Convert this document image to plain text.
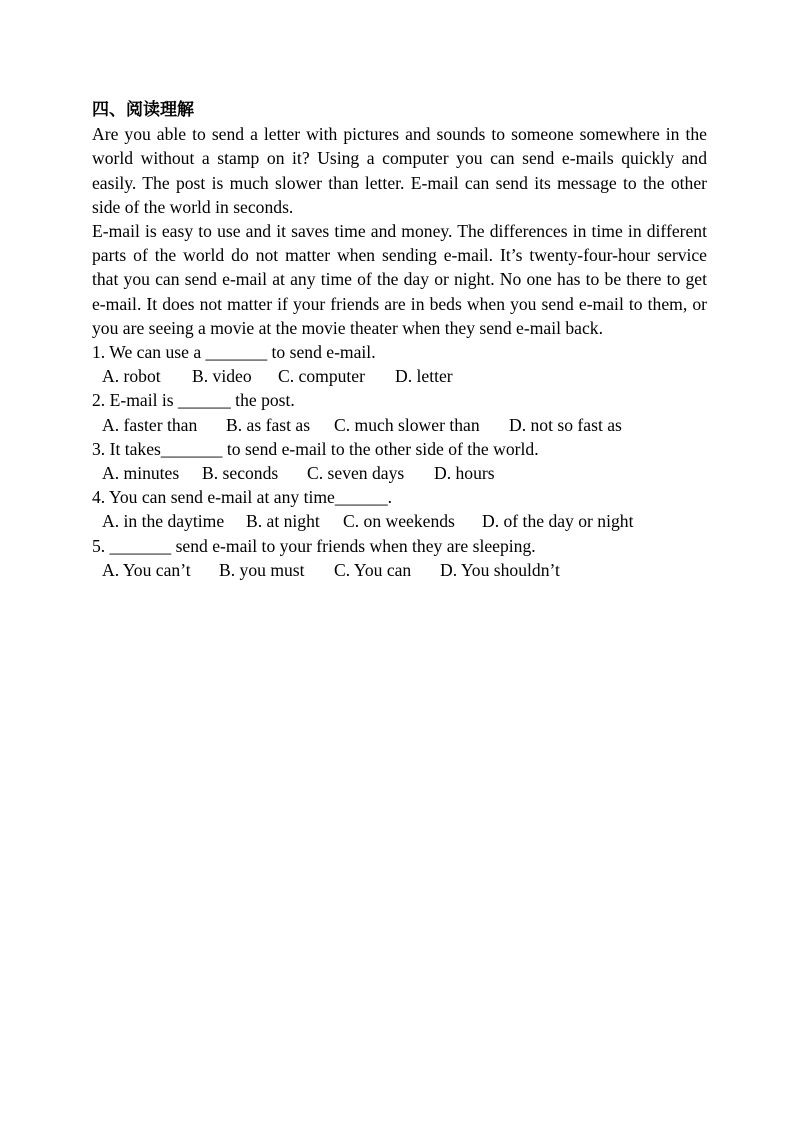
四、阅读理解

Are you able to send a letter with pictures and sounds to someone somewhere in the world without a stamp on it? Using a computer you can send e-mails quickly and easily. The post is much slower than letter. E-mail can send its message to the other side of the world in seconds.

E-mail is easy to use and it saves time and money. The differences in time in different parts of the world do not matter when sending e-mail. It’s twenty-four-hour service that you can send e-mail at any time of the day or night. No one has to be there to get e-mail. It does not matter if your friends are in beds when you send e-mail to them, or you are seeing a movie at the movie theater when they send e-mail back.

1. We can use a _______ to send e-mail.

A. robot B. video C. computer D. letter

2. E-mail is ______ the post.

A. faster than B. as fast as C. much slower than D. not so fast as

3. It takes_______ to send e-mail to the other side of the world.

A. minutes B. seconds C. seven days D. hours

4. You can send e-mail at any time______.

A. in the daytime B. at night C. on weekends D. of the day or night

5. _______ send e-mail to your friends when they are sleeping.

A. You can’t B. you must C. You can D. You shouldn’t
